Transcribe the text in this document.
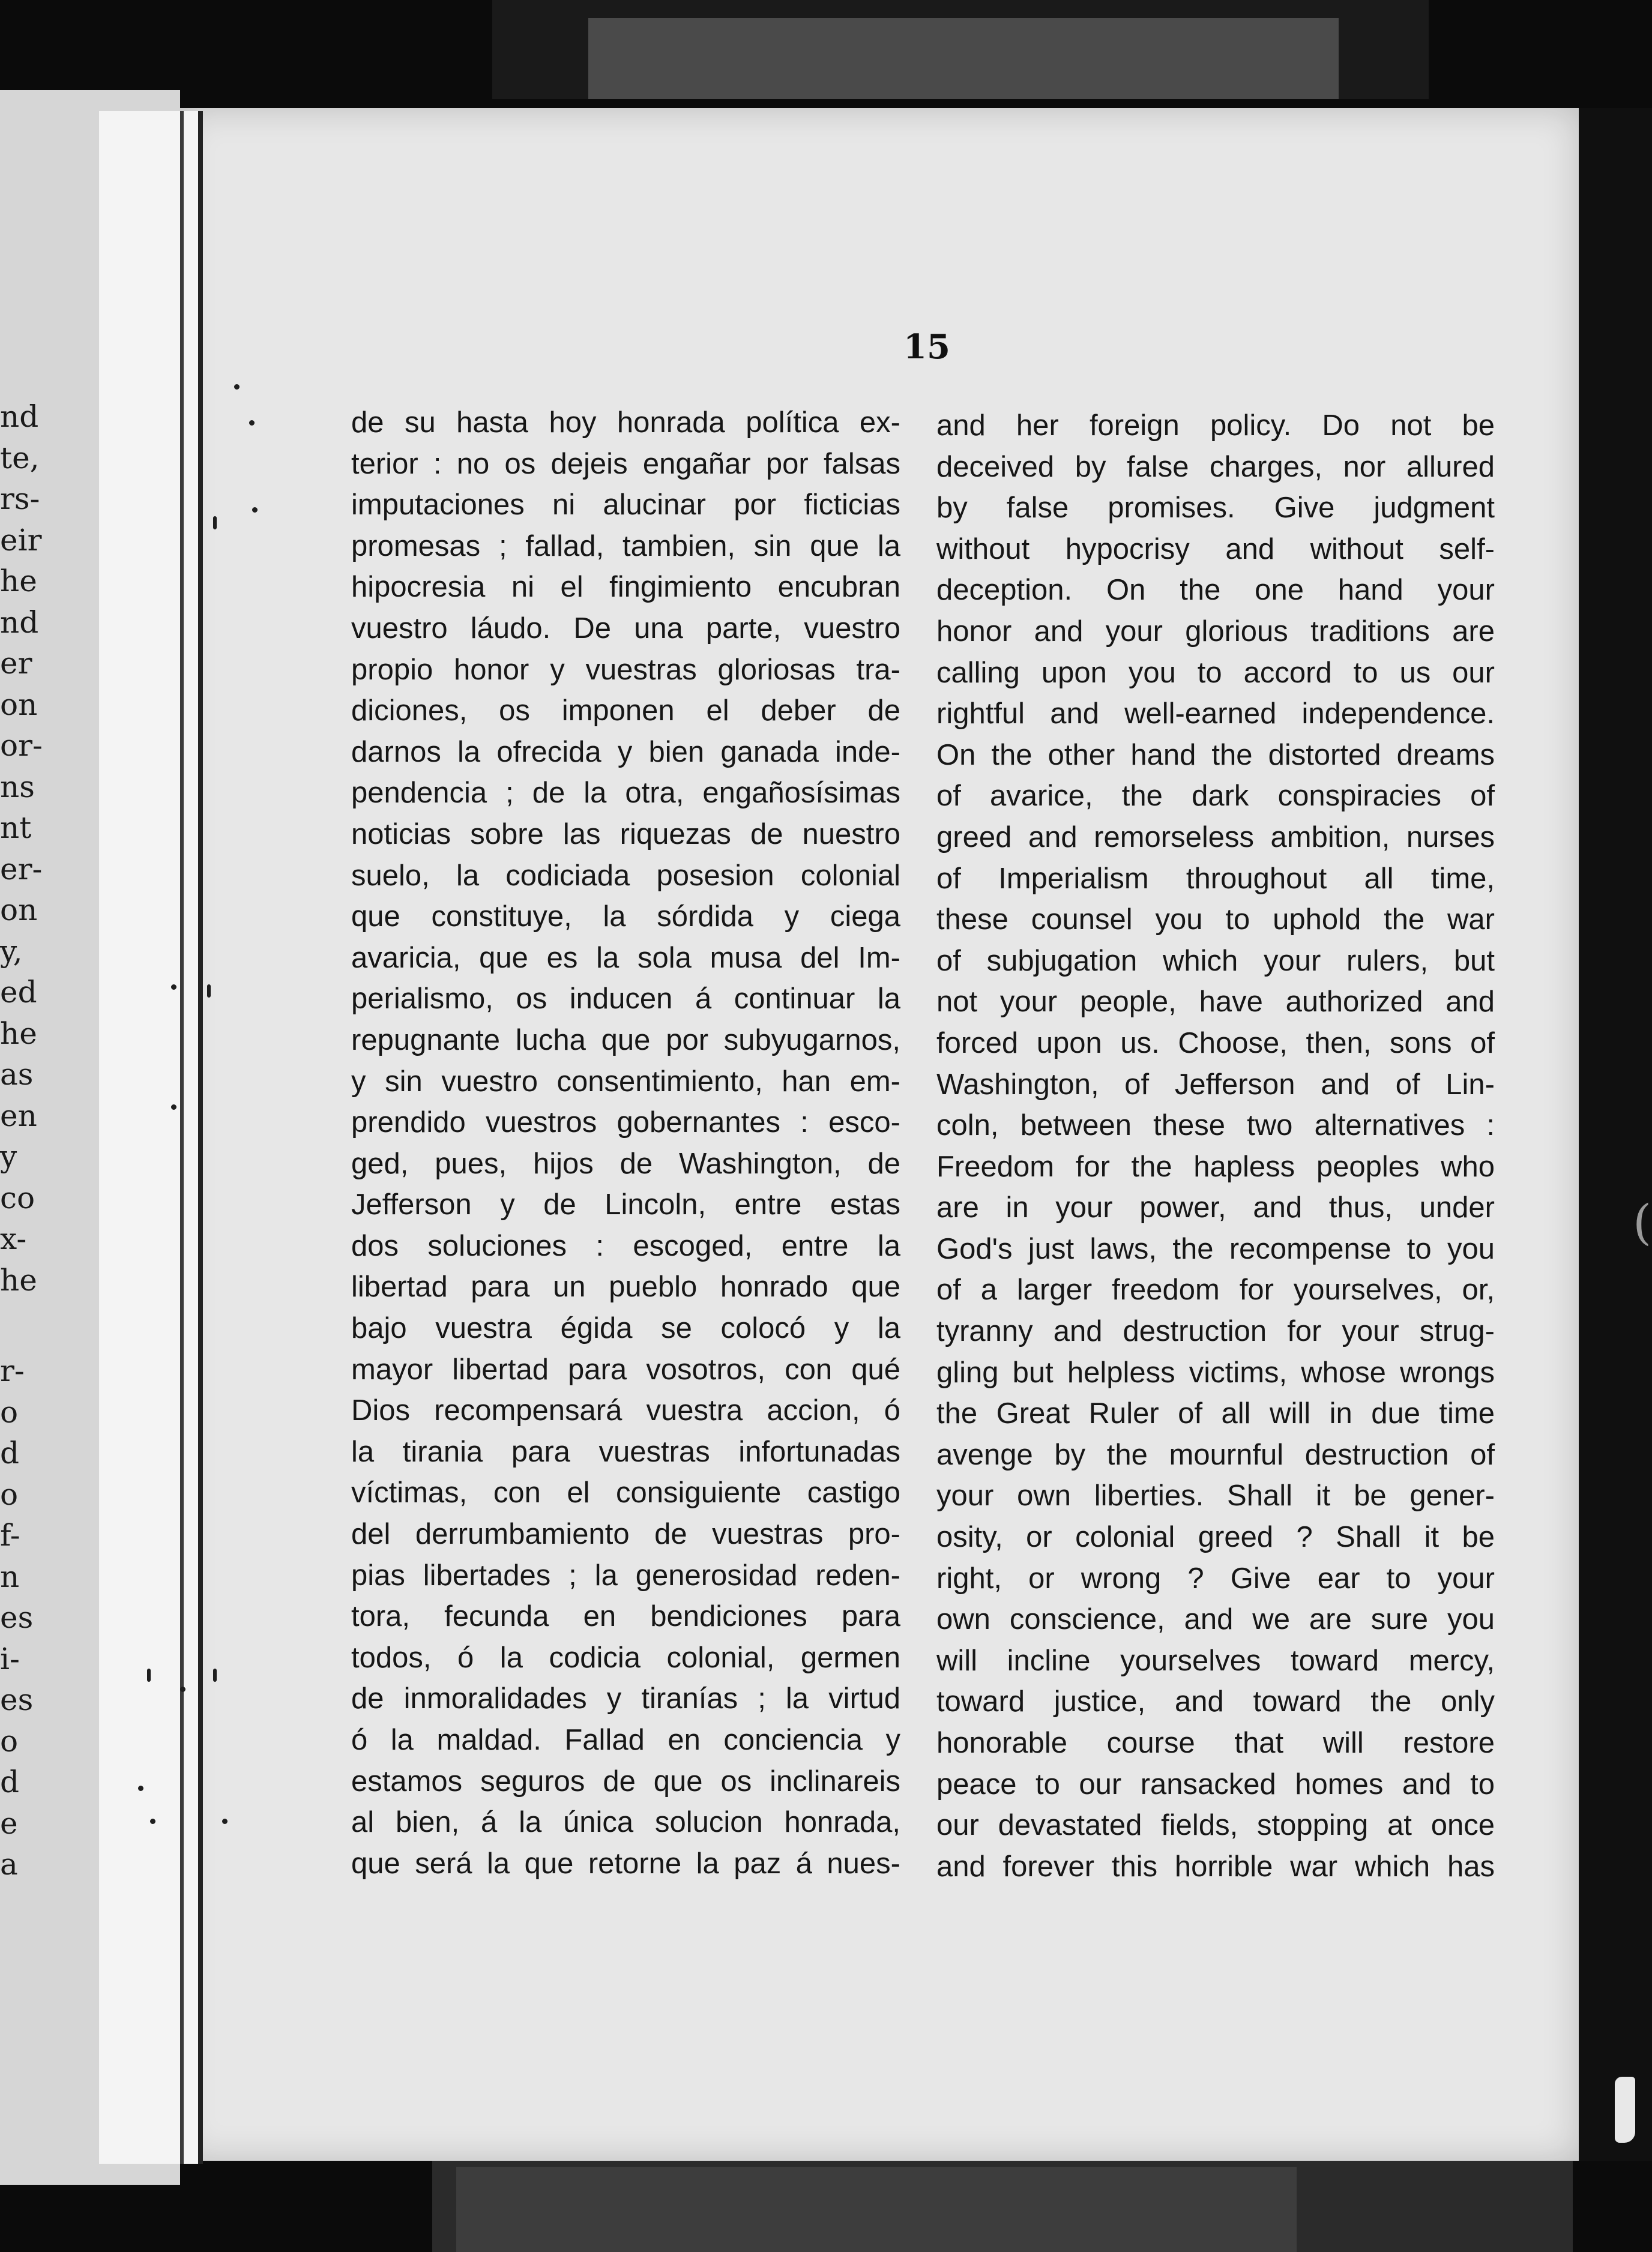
(
nd
te,
rs-
eir
he
nd
er
on
or-
ns
nt
er-
on
y,
ed
he
as
en
y
co
x-
he
r-
o
d
o
f-
n
es
i-
es
o
d
e
a
15
de su hasta hoy honrada política ex-
terior : no os dejeis engañar por falsas
imputaciones ni alucinar por ficticias
promesas ; fallad, tambien, sin que la
hipocresia ni el fingimiento encubran
vuestro láudo. De una parte, vuestro
propio honor y vuestras gloriosas tra-
diciones, os imponen el deber de
darnos la ofrecida y bien ganada inde-
pendencia ; de la otra, engañosísimas
noticias sobre las riquezas de nuestro
suelo, la codiciada posesion colonial
que constituye, la sórdida y ciega
avaricia, que es la sola musa del Im-
perialismo, os inducen á continuar la
repugnante lucha que por subyugarnos,
y sin vuestro consentimiento, han em-
prendido vuestros gobernantes : esco-
ged, pues, hijos de Washington, de
Jefferson y de Lincoln, entre estas
dos soluciones : escoged, entre la
libertad para un pueblo honrado que
bajo vuestra égida se colocó y la
mayor libertad para vosotros, con qué
Dios recompensará vuestra accion, ó
la tirania para vuestras infortunadas
víctimas, con el consiguiente castigo
del derrumbamiento de vuestras pro-
pias libertades ; la generosidad reden-
tora, fecunda en bendiciones para
todos, ó la codicia colonial, germen
de inmoralidades y tiranías ; la virtud
ó la maldad. Fallad en conciencia y
estamos seguros de que os inclinareis
al bien, á la única solucion honrada,
que será la que retorne la paz á nues-
and her foreign policy. Do not be
deceived by false charges, nor allured
by false promises. Give judgment
without hypocrisy and without self-
deception. On the one hand your
honor and your glorious traditions are
calling upon you to accord to us our
rightful and well-earned independence.
On the other hand the distorted dreams
of avarice, the dark conspiracies of
greed and remorseless ambition, nurses
of Imperialism throughout all time,
these counsel you to uphold the war
of subjugation which your rulers, but
not your people, have authorized and
forced upon us. Choose, then, sons of
Washington, of Jefferson and of Lin-
coln, between these two alternatives :
Freedom for the hapless peoples who
are in your power, and thus, under
God's just laws, the recompense to you
of a larger freedom for yourselves, or,
tyranny and destruction for your strug-
gling but helpless victims, whose wrongs
the Great Ruler of all will in due time
avenge by the mournful destruction of
your own liberties. Shall it be gener-
osity, or colonial greed ? Shall it be
right, or wrong ? Give ear to your
own conscience, and we are sure you
will incline yourselves toward mercy,
toward justice, and toward the only
honorable course that will restore
peace to our ransacked homes and to
our devastated fields, stopping at once
and forever this horrible war which has
